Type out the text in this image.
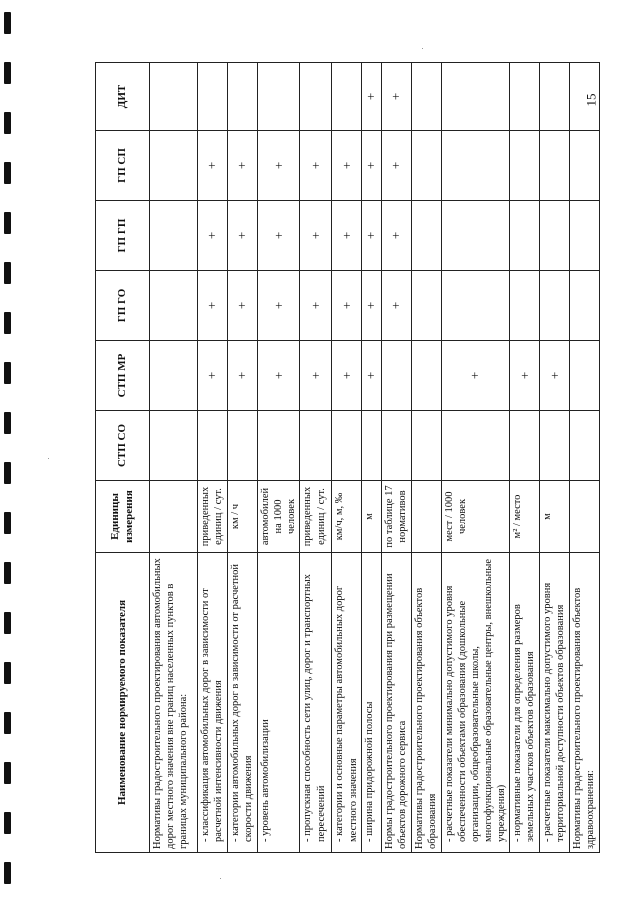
15
Наименование нормируемого показателя	Единицы измерения	СТП СО	СТП МР	ГП ГО	ГП ГП	ГП СП	ДИТ
Нормативы градостроительного проектирования автомобильных дорог местного значения вне границ населенных пунктов в границах муниципального района:							
- классификация автомобильных дорог в зависимости от расчетной интенсивности движения	приведенных единиц / сут.		+	+	+	+	
- категории автомобильных дорог в зависимости от расчетной скорости движения	км / ч		+	+	+	+	
- уровень автомобилизации	автомобилей на 1000 человек		+	+	+	+	
- пропускная способность сети улиц, дорог и транспортных пересечений	приведенных единиц / сут.		+	+	+	+	
- категории и основные параметры автомобильных дорог местного значения	км/ч, м, ‰		+	+	+	+	
- ширина придорожной полосы	м		+	+	+	+	+
Нормы градостроительного проектирования при размещении объектов дорожного сервиса	по таблице 17 нормативов			+	+	+	+
Нормативы градостроительного проектирования объектов образования							
- расчетные показатели минимально допустимого уровня обеспеченности объектами образования (дошкольные организации, общеобразовательные школы, многофункциональные образовательные центры, внешкольные учреждения)	мест / 1000 человек		+				
- нормативные показатели для определения размеров земельных участков объектов образования	м² / место		+				
- расчетные показатели максимально допустимого уровня территориальной доступности объектов образования	м		+				
Нормативы градостроительного проектирования объектов здравоохранения:							
